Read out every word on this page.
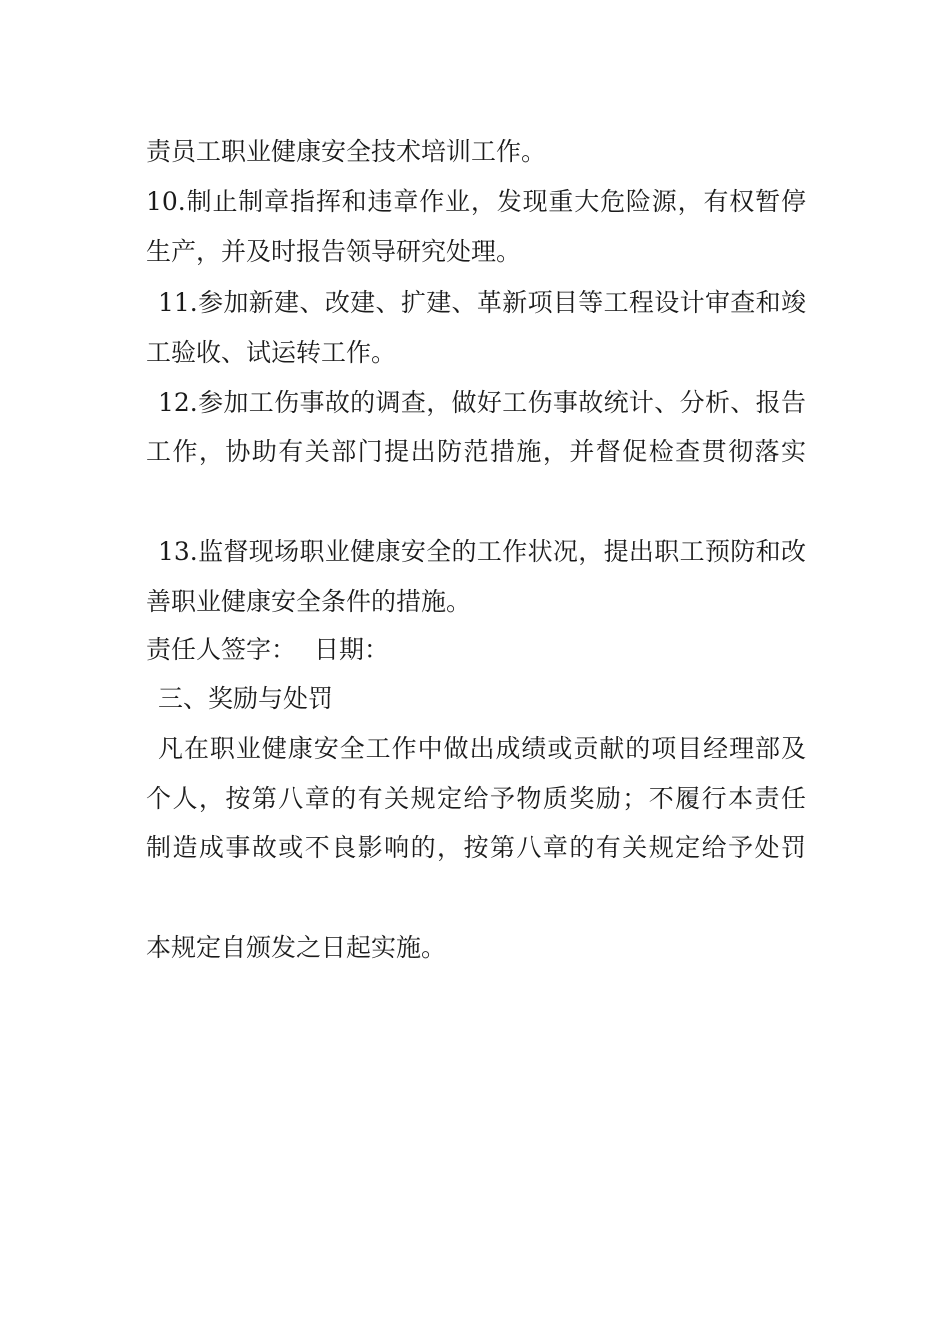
责员工职业健康安全技术培训工作。
10.制止制章指挥和违章作业，发现重大危险源，有权暂停
生产，并及时报告领导研究处理。
11.参加新建、改建、扩建、革新项目等工程设计审查和竣
工验收、试运转工作。
12.参加工伤事故的调查，做好工伤事故统计、分析、报告
工作，协助有关部门提出防范措施，并督促检查贯彻落实
13.监督现场职业健康安全的工作状况，提出职工预防和改
善职业健康安全条件的措施。
责任人签字： 日期：
三、奖励与处罚
凡在职业健康安全工作中做出成绩或贡献的项目经理部及
个人，按第八章的有关规定给予物质奖励；不履行本责任
制造成事故或不良影响的，按第八章的有关规定给予处罚
本规定自颁发之日起实施。
